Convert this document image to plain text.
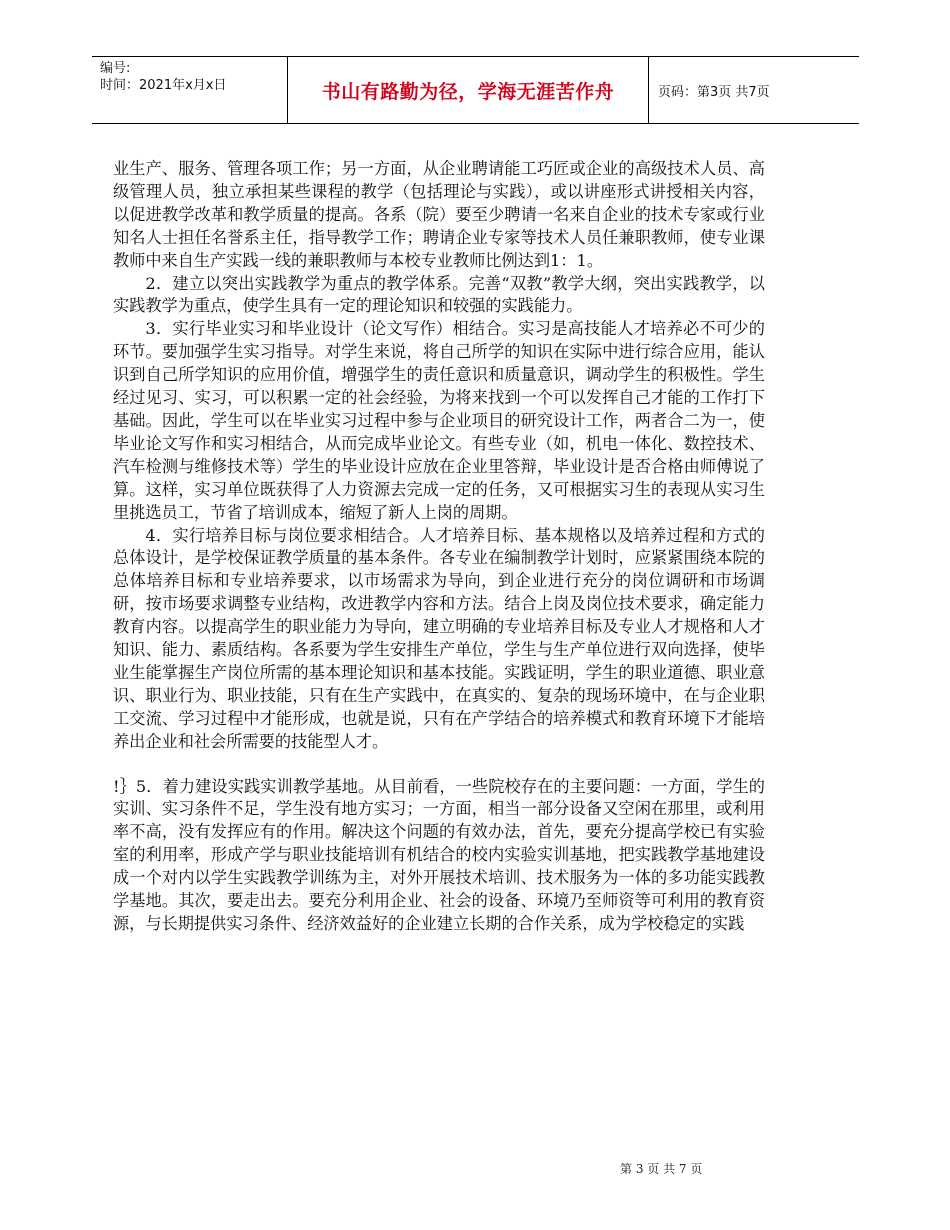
编号:
时间：2021年x月x日	书山有路勤为径，学海无涯苦作舟	页码：第3页 共7页

业生产、服务、管理各项工作；另一方面，从企业聘请能工巧匠或企业的高级技术人员、高级管理人员，独立承担某些课程的教学（包括理论与实践），或以讲座形式讲授相关内容，以促进教学改革和教学质量的提高。各系（院）要至少聘请一名来自企业的技术专家或行业知名人士担任名誉系主任，指导教学工作；聘请企业专家等技术人员任兼职教师，使专业课教师中来自生产实践一线的兼职教师与本校专业教师比例达到1：1。

2．建立以突出实践教学为重点的教学体系。完善“双教”教学大纲，突出实践教学，以实践教学为重点，使学生具有一定的理论知识和较强的实践能力。

3．实行毕业实习和毕业设计（论文写作）相结合。实习是高技能人才培养必不可少的环节。要加强学生实习指导。对学生来说，将自己所学的知识在实际中进行综合应用，能认识到自己所学知识的应用价值，增强学生的责任意识和质量意识，调动学生的积极性。学生经过见习、实习，可以积累一定的社会经验，为将来找到一个可以发挥自己才能的工作打下基础。因此，学生可以在毕业实习过程中参与企业项目的研究设计工作，两者合二为一，使毕业论文写作和实习相结合，从而完成毕业论文。有些专业（如，机电一体化、数控技术、汽车检测与维修技术等）学生的毕业设计应放在企业里答辩，毕业设计是否合格由师傅说了算。这样，实习单位既获得了人力资源去完成一定的任务，又可根据实习生的表现从实习生里挑选员工，节省了培训成本，缩短了新人上岗的周期。

4．实行培养目标与岗位要求相结合。人才培养目标、基本规格以及培养过程和方式的总体设计，是学校保证教学质量的基本条件。各专业在编制教学计划时，应紧紧围绕本院的总体培养目标和专业培养要求，以市场需求为导向，到企业进行充分的岗位调研和市场调研，按市场要求调整专业结构，改进教学内容和方法。结合上岗及岗位技术要求，确定能力教育内容。以提高学生的职业能力为导向，建立明确的专业培养目标及专业人才规格和人才知识、能力、素质结构。各系要为学生安排生产单位，学生与生产单位进行双向选择，使毕业生能掌握生产岗位所需的基本理论知识和基本技能。实践证明，学生的职业道德、职业意识、职业行为、职业技能，只有在生产实践中，在真实的、复杂的现场环境中，在与企业职工交流、学习过程中才能形成，也就是说，只有在产学结合的培养模式和教育环境下才能培养出企业和社会所需要的技能型人才。

!｝5．着力建设实践实训教学基地。从目前看，一些院校存在的主要问题：一方面，学生的实训、实习条件不足，学生没有地方实习；一方面，相当一部分设备又空闲在那里，或利用率不高，没有发挥应有的作用。解决这个问题的有效办法，首先，要充分提高学校已有实验室的利用率，形成产学与职业技能培训有机结合的校内实验实训基地，把实践教学基地建设成一个对内以学生实践教学训练为主，对外开展技术培训、技术服务为一体的多功能实践教学基地。其次，要走出去。要充分利用企业、社会的设备、环境乃至师资等可利用的教育资源，与长期提供实习条件、经济效益好的企业建立长期的合作关系，成为学校稳定的实践

第 3 页 共 7 页
